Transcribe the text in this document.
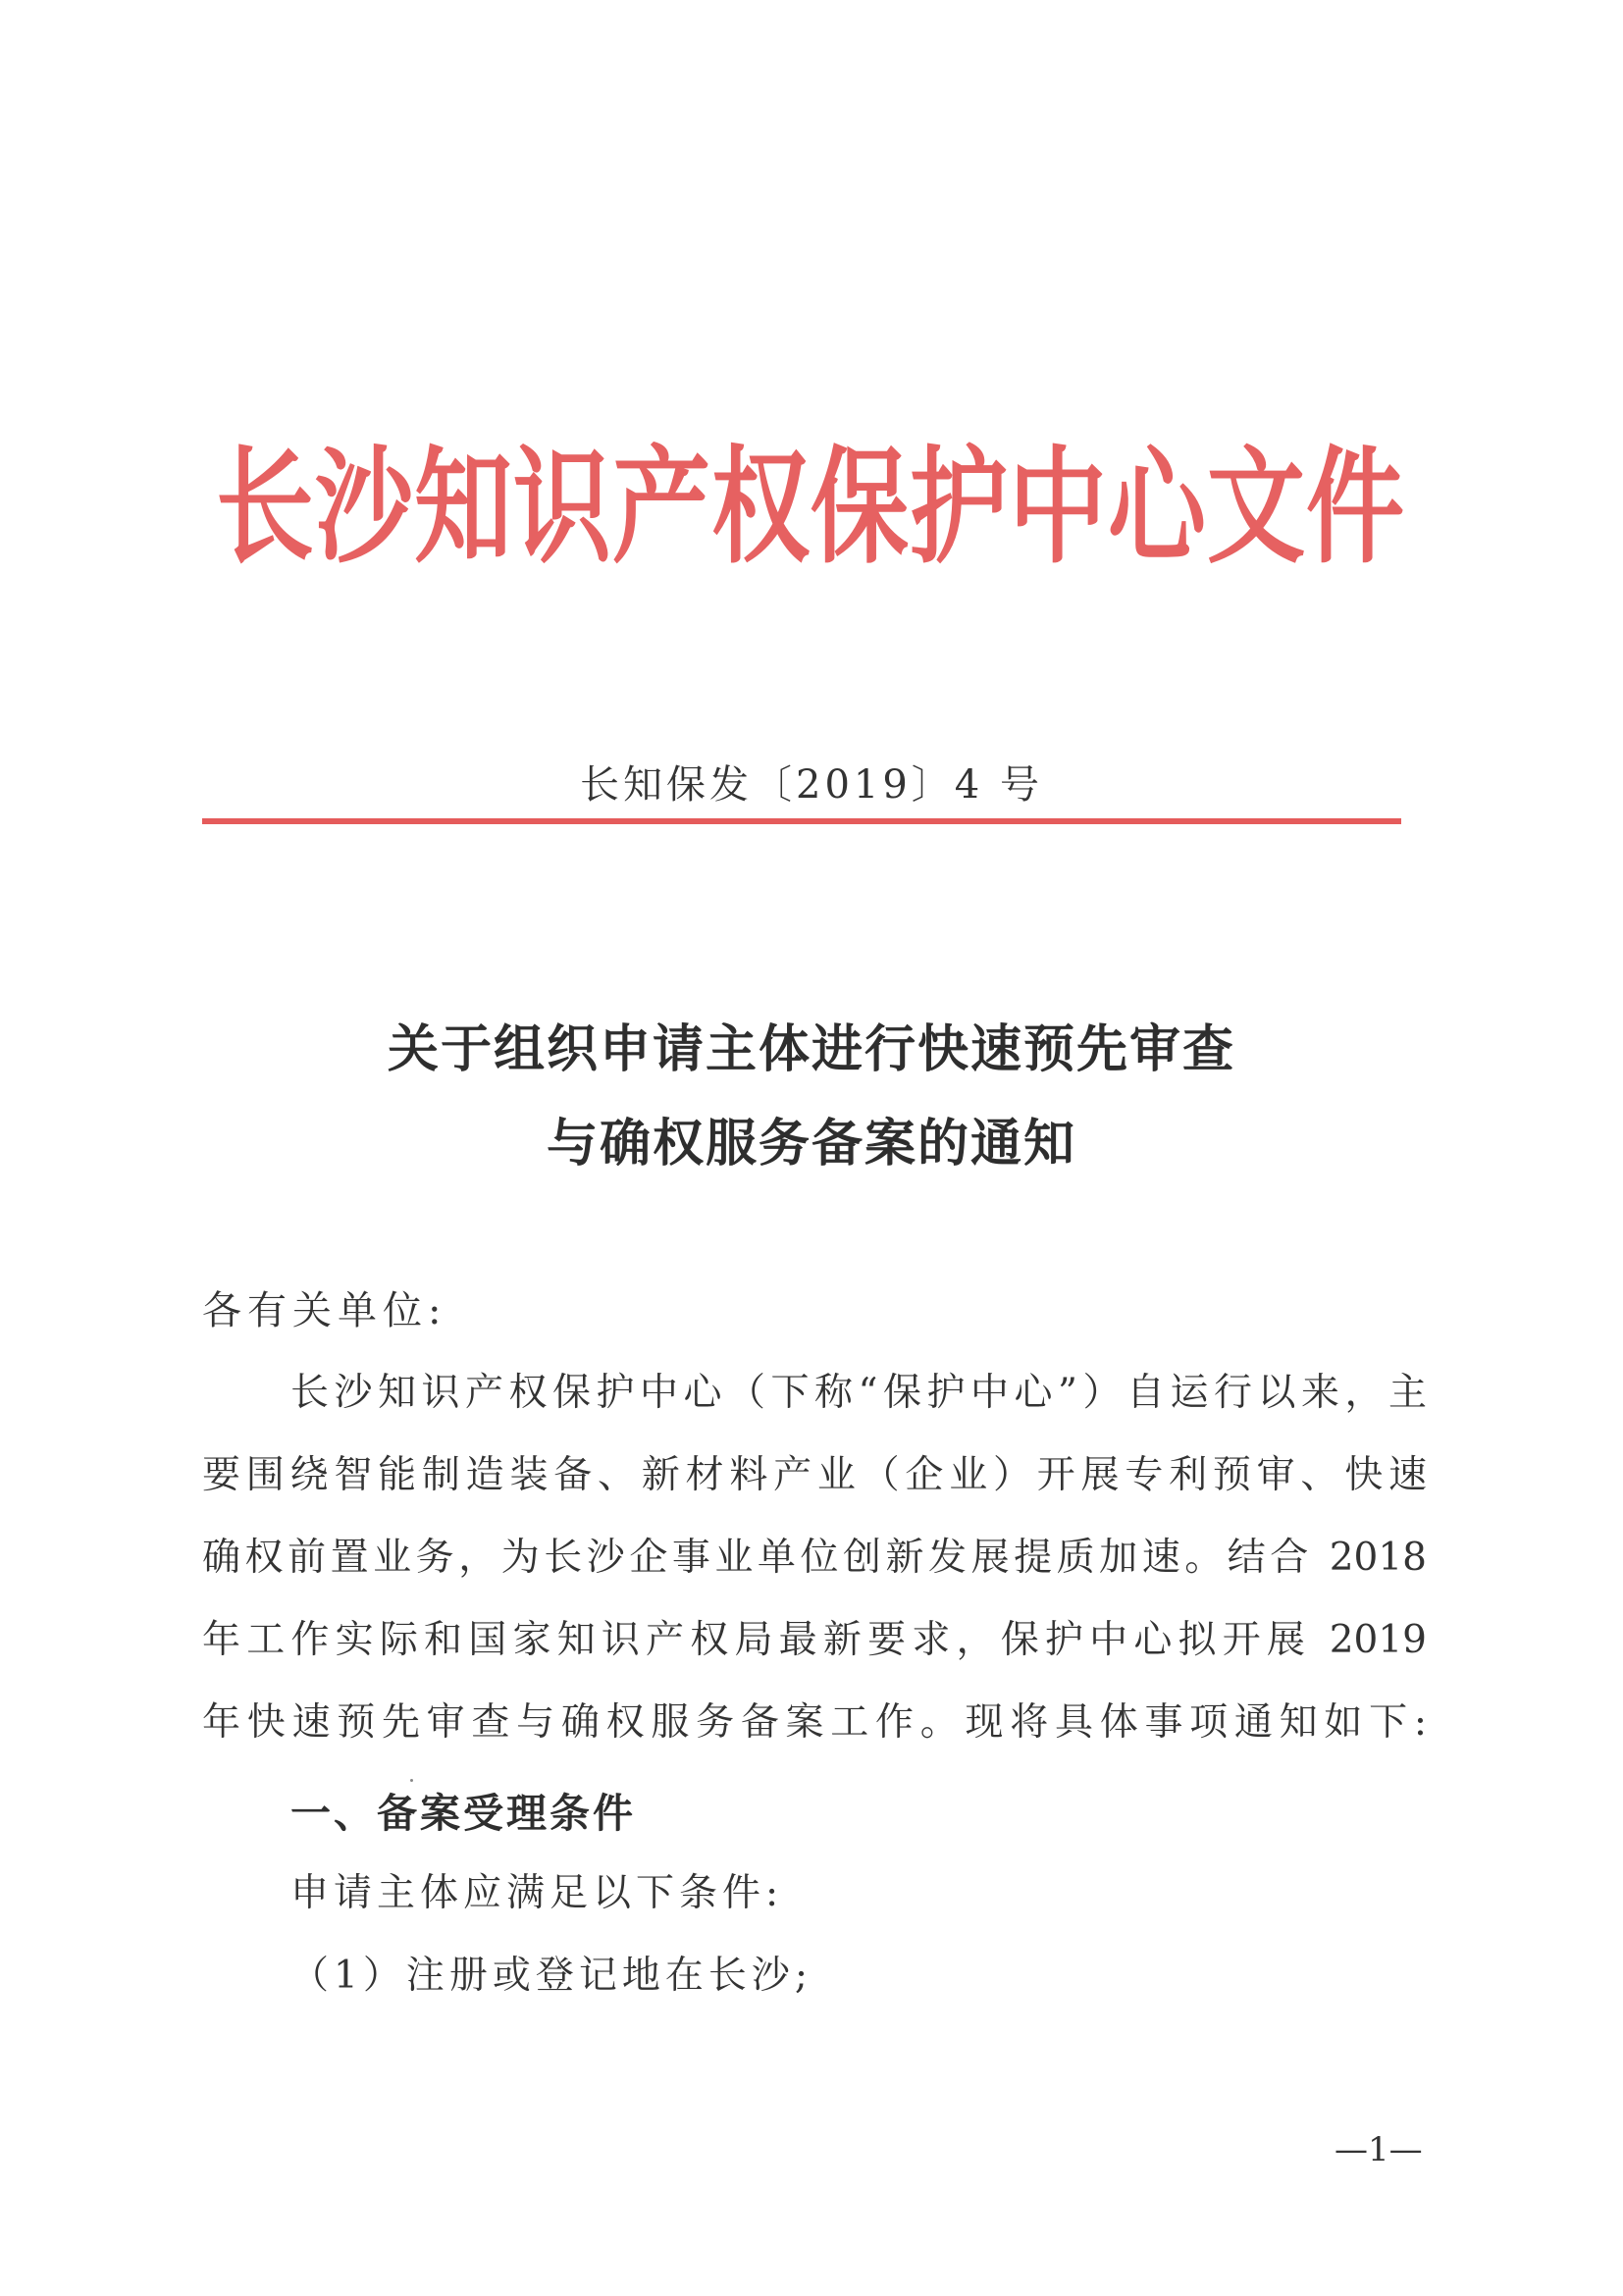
长沙知识产权保护中心文件
长知保发〔2019〕4 号
关于组织申请主体进行快速预先审查
与确权服务备案的通知
各有关单位:
长沙知识产权保护中心（下称“保护中心”）自运行以来，主
要围绕智能制造装备、新材料产业（企业）开展专利预审、快速
确权前置业务，为长沙企事业单位创新发展提质加速。结合 2018
年工作实际和国家知识产权局最新要求，保护中心拟开展 2019
年快速预先审查与确权服务备案工作。现将具体事项通知如下:
一、备案受理条件
申请主体应满足以下条件:
（1）注册或登记地在长沙;
—1—
